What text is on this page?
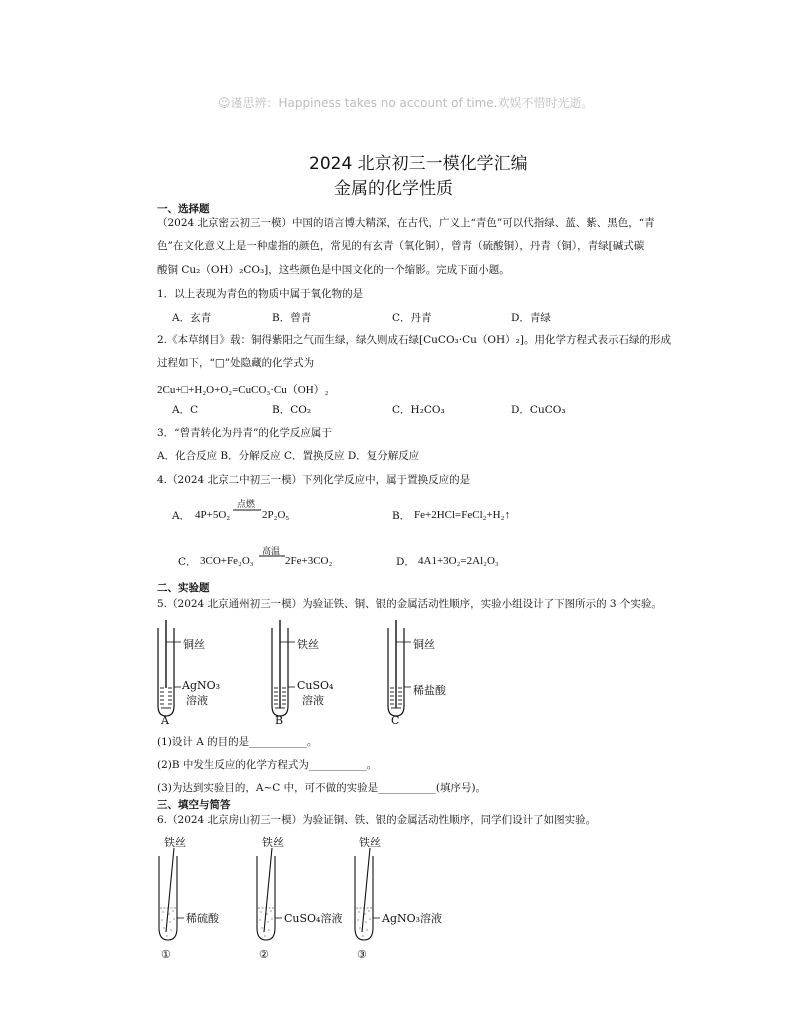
☺谨思辨：Happiness takes no account of time.欢娱不惜时光逝。
2024 北京初三一模化学汇编
金属的化学性质
一、选择题
（2024 北京密云初三一模）中国的语言博大精深，在古代，广义上“青色”可以代指绿、蓝、紫、黑色，“青
色”在文化意义上是一种虚指的颜色，常见的有玄青（氧化铜），曾青（硫酸铜），丹青（铜），青绿[碱式碳
酸铜 Cu₂（OH）₂CO₃]，这些颜色是中国文化的一个缩影。完成下面小题。
1．以上表现为青色的物质中属于氧化物的是
A．玄青	B．曾青	C．丹青	D．青绿
2.《本草纲目》载：铜得紫阳之气而生绿，绿久则成石绿[CuCO₃·Cu（OH）₂]。用化学方程式表示石绿的形成
过程如下，“□”处隐藏的化学式为
2Cu+□+H₂O+O₂=CuCO₃·Cu（OH）₂
A．C	B．CO₂	C．H₂CO₃	D．CuCO₃
3．“曾青转化为丹青”的化学反应属于
A．化合反应 B．分解反应 C．置换反应 D．复分解反应
4.（2024 北京二中初三一模）下列化学反应中，属于置换反应的是
A． 4P+5O₂
点燃
2P₂O₅	B． Fe+2HCl=FeCl₂+H₂↑
C． 3CO+Fe₂O₃
高温
2Fe+3CO₂	D． 4A1+3O₂=2Al₂O₃
二、实验题
5.（2024 北京通州初三一模）为验证铁、铜、银的金属活动性顺序，实验小组设计了下图所示的 3 个实验。
铜丝
AgNO₃
溶液
A
铁丝
CuSO₄
溶液
B
铜丝
稀盐酸
C
(1)设计 A 的目的是___________。
(2)B 中发生反应的化学方程式为___________。
(3)为达到实验目的，A~C 中，可不做的实验是___________(填序号)。
三、填空与简答
6.（2024 北京房山初三一模）为验证铜、铁、银的金属活动性顺序，同学们设计了如图实验。
铁丝
稀硫酸
①
铁丝
CuSO₄溶液
②
铁丝
AgNO₃溶液
③
